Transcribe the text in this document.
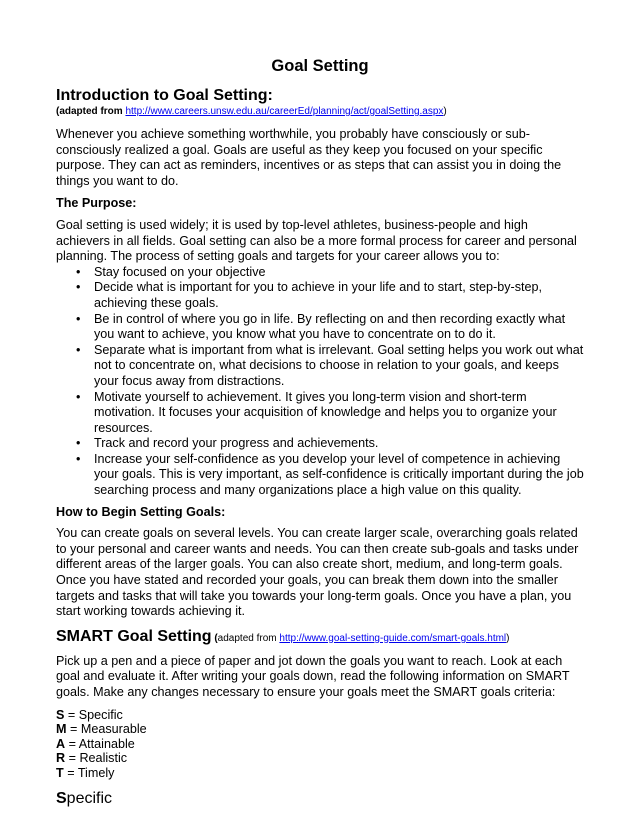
Goal Setting
Introduction to Goal Setting:
(adapted from http://www.careers.unsw.edu.au/careerEd/planning/act/goalSetting.aspx)

Whenever you achieve something worthwhile, you probably have consciously or sub-consciously realized a goal. Goals are useful as they keep you focused on your specific purpose. They can act as reminders, incentives or as steps that can assist you in doing the things you want to do.

The Purpose:

Goal setting is used widely; it is used by top-level athletes, business-people and high achievers in all fields. Goal setting can also be a more formal process for career and personal planning. The process of setting goals and targets for your career allows you to:

• Stay focused on your objective
• Decide what is important for you to achieve in your life and to start, step-by-step, achieving these goals.
• Be in control of where you go in life. By reflecting on and then recording exactly what you want to achieve, you know what you have to concentrate on to do it.
• Separate what is important from what is irrelevant. Goal setting helps you work out what not to concentrate on, what decisions to choose in relation to your goals, and keeps your focus away from distractions.
• Motivate yourself to achievement. It gives you long-term vision and short-term motivation. It focuses your acquisition of knowledge and helps you to organize your resources.
• Track and record your progress and achievements.
• Increase your self-confidence as you develop your level of competence in achieving your goals. This is very important, as self-confidence is critically important during the job searching process and many organizations place a high value on this quality.
How to Begin Setting Goals:

You can create goals on several levels. You can create larger scale, overarching goals related to your personal and career wants and needs. You can then create sub-goals and tasks under different areas of the larger goals. You can also create short, medium, and long-term goals. Once you have stated and recorded your goals, you can break them down into the smaller targets and tasks that will take you towards your long-term goals. Once you have a plan, you start working towards achieving it.

SMART Goal Setting (adapted from http://www.goal-setting-guide.com/smart-goals.html)

Pick up a pen and a piece of paper and jot down the goals you want to reach. Look at each goal and evaluate it. After writing your goals down, read the following information on SMART goals. Make any changes necessary to ensure your goals meet the SMART goals criteria:

S = Specific
M = Measurable
A = Attainable
R = Realistic
T = Timely
Specific
